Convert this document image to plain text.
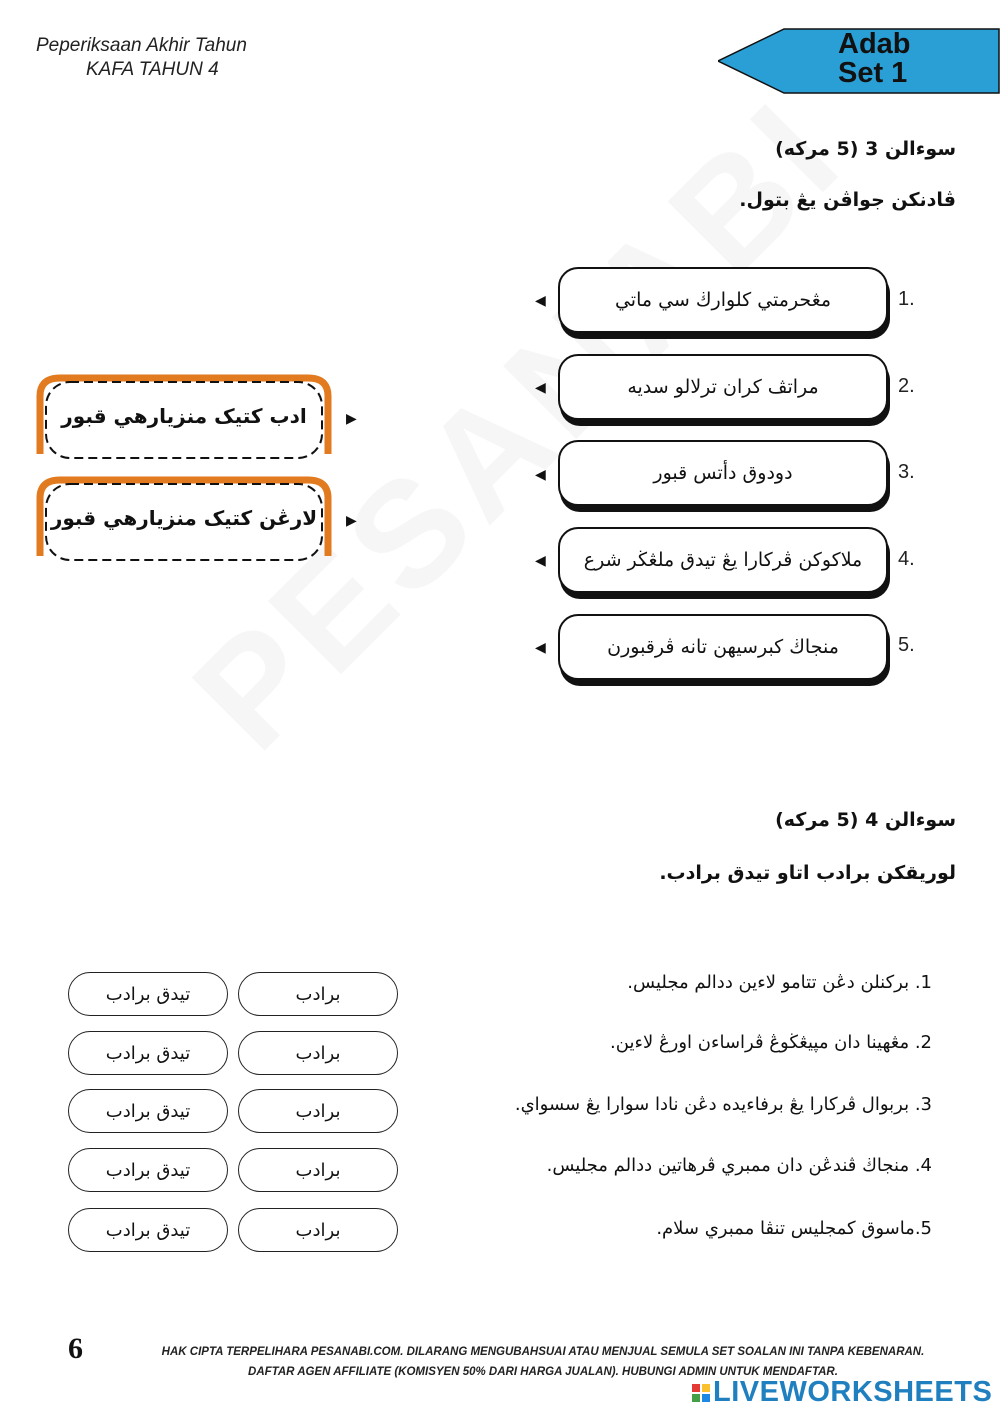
Peperiksaan Akhir Tahun
KAFA TAHUN 4
Adab
Set 1
سوءالن 3 (5 مركه)
ڤادنكن جواڤن يڠ بتول.
1.
مڠحرمتي كلوارڬ سي ماتي
◀
2.
مراتڤ كران ترلالو سديه
◀
3.
دودوق دأتس قبور
◀
4.
ملاكوكن ڤركارا يڠ تيدق ملڠڬر شرع
◀
5.
منجاڬ كبرسيهن تانه ڤرقبورن
◀
ادب كتيک منزيارهي قبور	▶
لارڠن كتيک منزيارهي قبور	▶
سوءالن 4 (5 مركه)
لوريقكن برادب اتاو تيدق برادب.
1. بركنلن دڠن تتامو لاءين ددالم مجليس.
برادب
تيدق برادب
2. مڠهينا دان مپيڠڬوڠ ڤراساءن اورڠ لاءين.
برادب
تيدق برادب
3. بربوال ڤركارا يڠ برفاءيده دڠن نادا سوارا يڠ سسواي.
برادب
تيدق برادب
4. منجاڬ ڤندڠن دان ممبري ڤرهاتين ددالم مجليس.
برادب
تيدق برادب
5.ماسوق كمجليس تنڤا ممبري سلام.
برادب
تيدق برادب
6	HAK CIPTA TERPELIHARA PESANABI.COM. DILARANG MENGUBAHSUAI ATAU MENJUAL SEMULA SET SOALAN INI TANPA KEBENARAN.
DAFTAR AGEN AFFILIATE (KOMISYEN 50% DARI HARGA JUALAN). HUBUNGI ADMIN UNTUK MENDAFTAR.
LIVEWORKSHEETS
